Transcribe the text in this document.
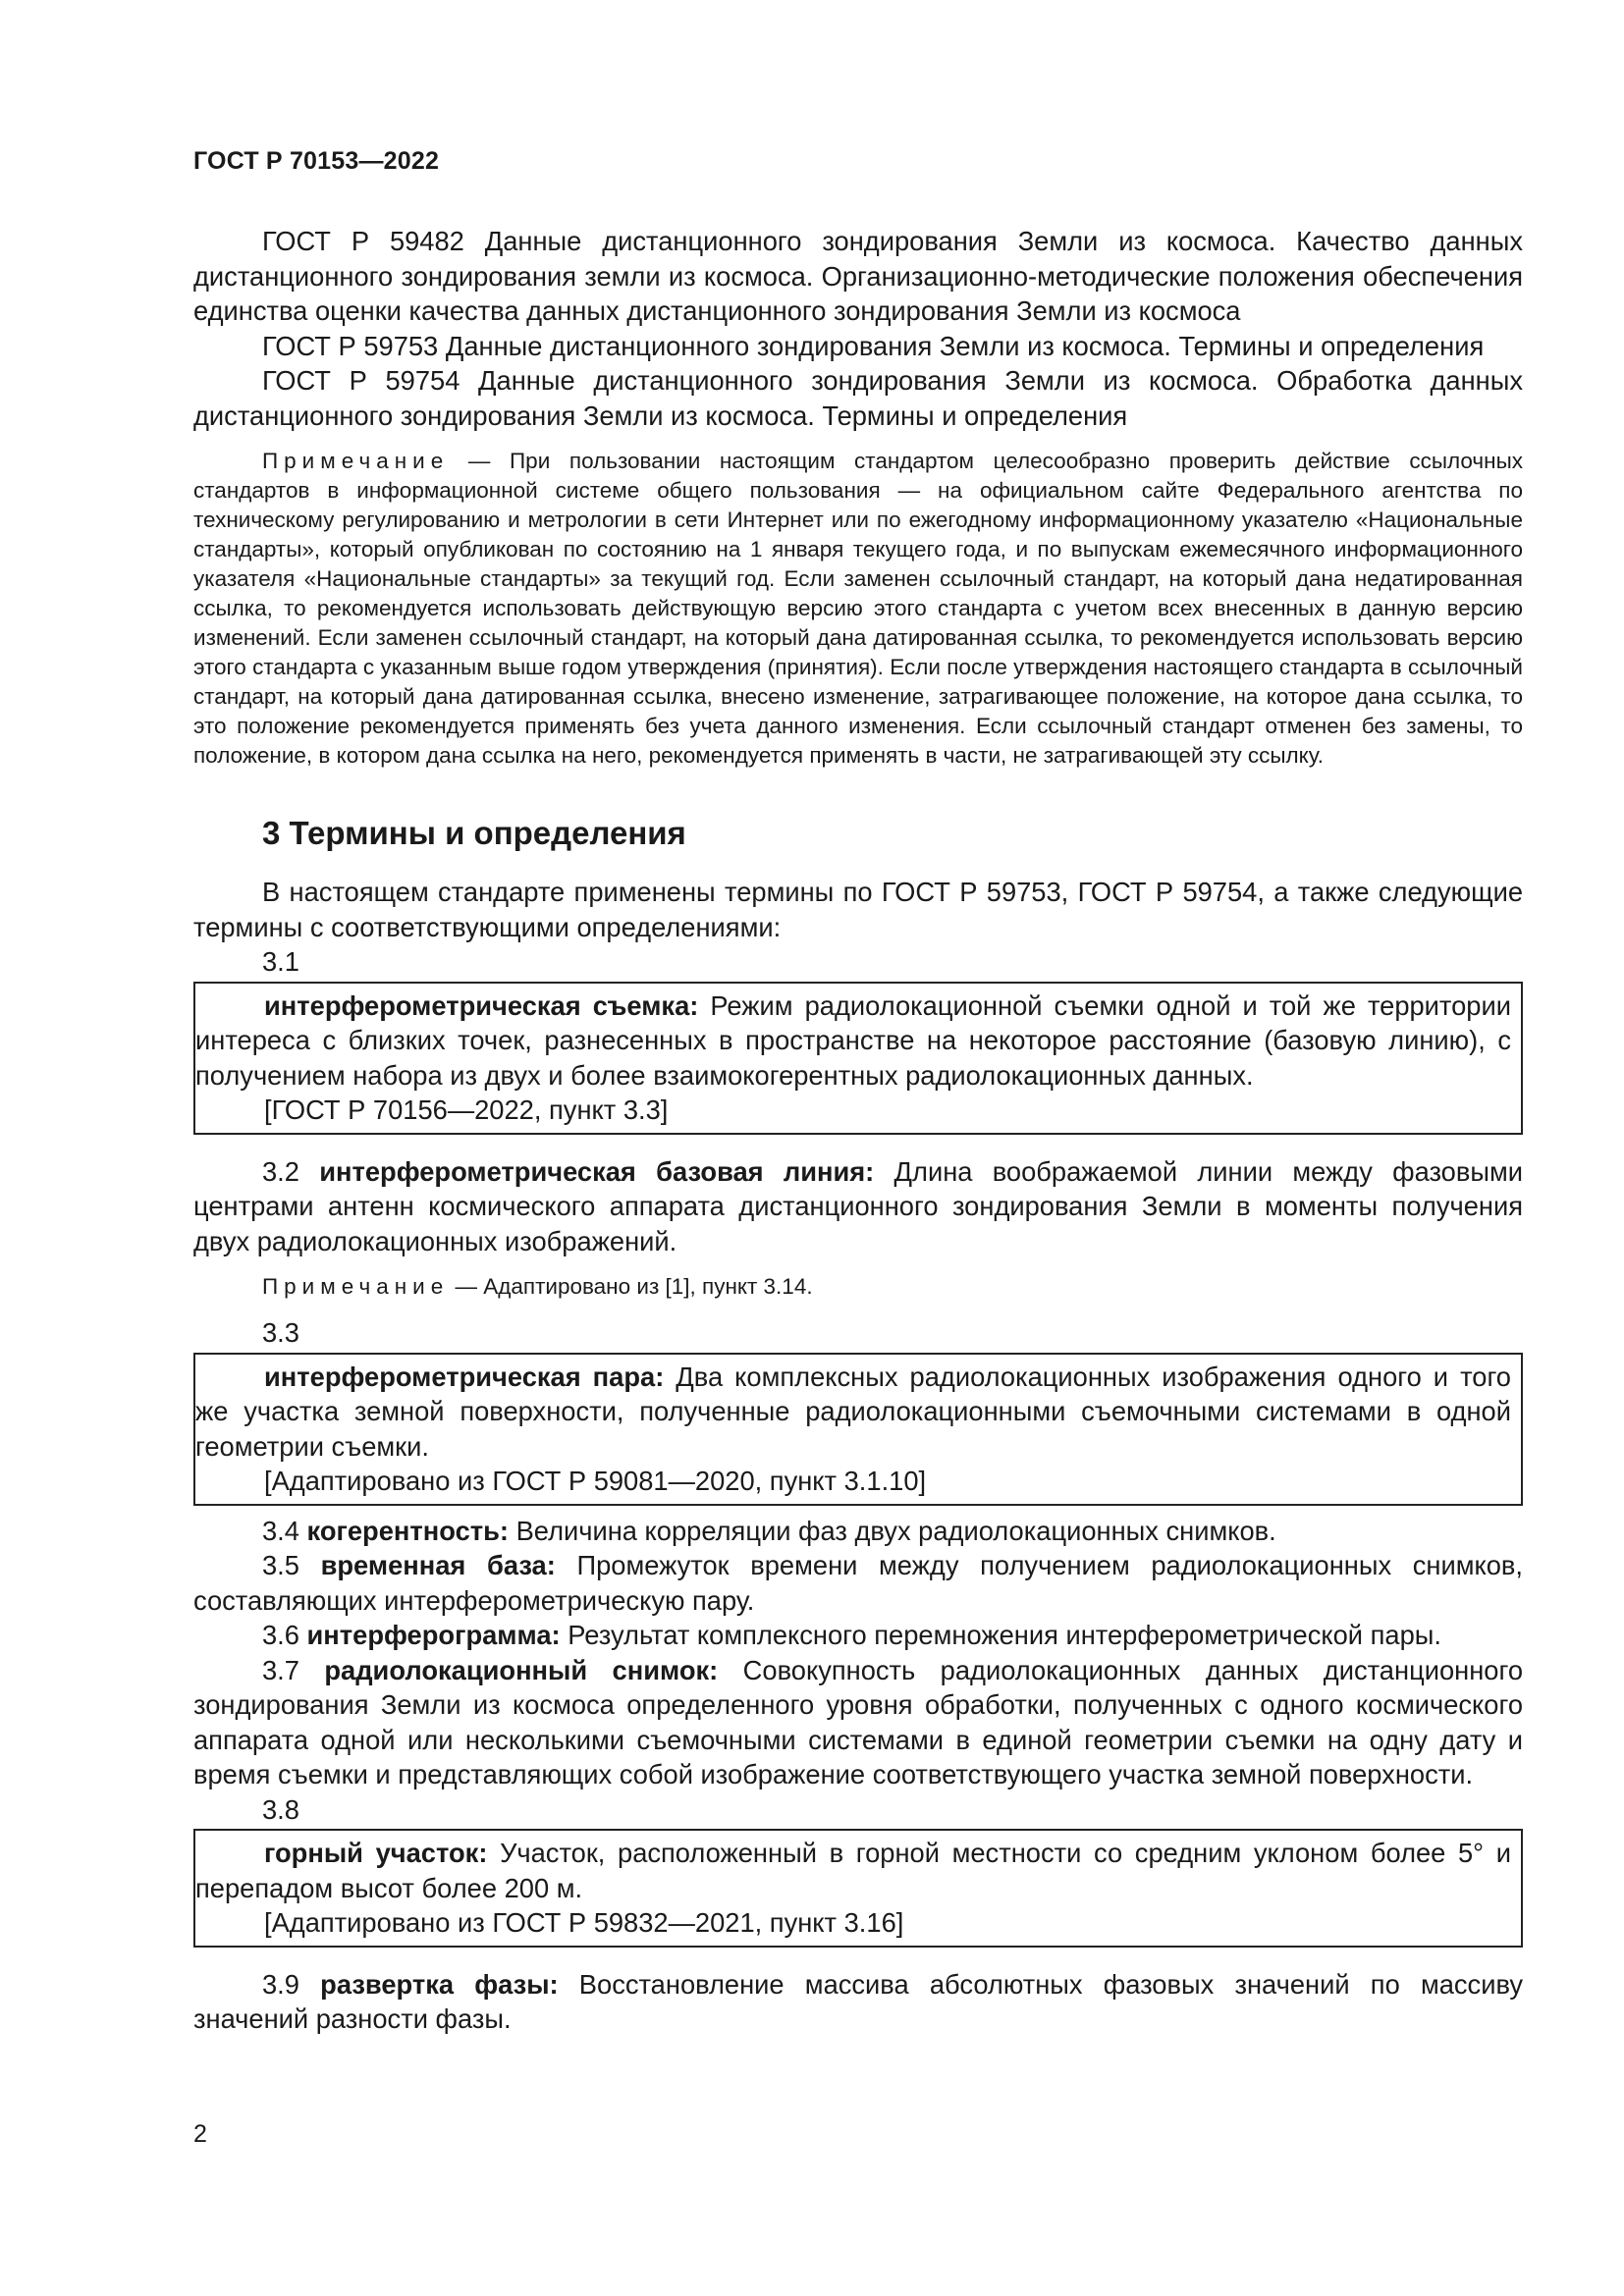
ГОСТ Р 70153—2022

ГОСТ Р 59482 Данные дистанционного зондирования Земли из космоса. Качество данных дистанционного зондирования земли из космоса. Организационно-методические положения обеспечения единства оценки качества данных дистанционного зондирования Земли из космоса

ГОСТ Р 59753 Данные дистанционного зондирования Земли из космоса. Термины и определения

ГОСТ Р 59754 Данные дистанционного зондирования Земли из космоса. Обработка данных дистанционного зондирования Земли из космоса. Термины и определения

Примечание — При пользовании настоящим стандартом целесообразно проверить действие ссылочных стандартов в информационной системе общего пользования — на официальном сайте Федерального агентства по техническому регулированию и метрологии в сети Интернет или по ежегодному информационному указателю «Национальные стандарты», который опубликован по состоянию на 1 января текущего года, и по выпускам ежемесячного информационного указателя «Национальные стандарты» за текущий год. Если заменен ссылочный стандарт, на который дана недатированная ссылка, то рекомендуется использовать действующую версию этого стандарта с учетом всех внесенных в данную версию изменений. Если заменен ссылочный стандарт, на который дана датированная ссылка, то рекомендуется использовать версию этого стандарта с указанным выше годом утверждения (принятия). Если после утверждения настоящего стандарта в ссылочный стандарт, на который дана датированная ссылка, внесено изменение, затрагивающее положение, на которое дана ссылка, то это положение рекомендуется применять без учета данного изменения. Если ссылочный стандарт отменен без замены, то положение, в котором дана ссылка на него, рекомендуется применять в части, не затрагивающей эту ссылку.

3 Термины и определения

В настоящем стандарте применены термины по ГОСТ Р 59753, ГОСТ Р 59754, а также следующие термины с соответствующими определениями:

3.1

интерферометрическая съемка: Режим радиолокационной съемки одной и той же территории интереса с близких точек, разнесенных в пространстве на некоторое расстояние (базовую линию), с получением набора из двух и более взаимокогерентных радиолокационных данных.

[ГОСТ Р 70156—2022, пункт 3.3]

3.2 интерферометрическая базовая линия: Длина воображаемой линии между фазовыми центрами антенн космического аппарата дистанционного зондирования Земли в моменты получения двух радиолокационных изображений.

Примечание — Адаптировано из [1], пункт 3.14.

3.3

интерферометрическая пара: Два комплексных радиолокационных изображения одного и того же участка земной поверхности, полученные радиолокационными съемочными системами в одной геометрии съемки.

[Адаптировано из ГОСТ Р 59081—2020, пункт 3.1.10]

3.4 когерентность: Величина корреляции фаз двух радиолокационных снимков.

3.5 временная база: Промежуток времени между получением радиолокационных снимков, составляющих интерферометрическую пару.

3.6 интерферограмма: Результат комплексного перемножения интерферометрической пары.

3.7 радиолокационный снимок: Совокупность радиолокационных данных дистанционного зондирования Земли из космоса определенного уровня обработки, полученных с одного космического аппарата одной или несколькими съемочными системами в единой геометрии съемки на одну дату и время съемки и представляющих собой изображение соответствующего участка земной поверхности.

3.8

горный участок: Участок, расположенный в горной местности со средним уклоном более 5° и перепадом высот более 200 м.

[Адаптировано из ГОСТ Р 59832—2021, пункт 3.16]

3.9 развертка фазы: Восстановление массива абсолютных фазовых значений по массиву значений разности фазы.

2
